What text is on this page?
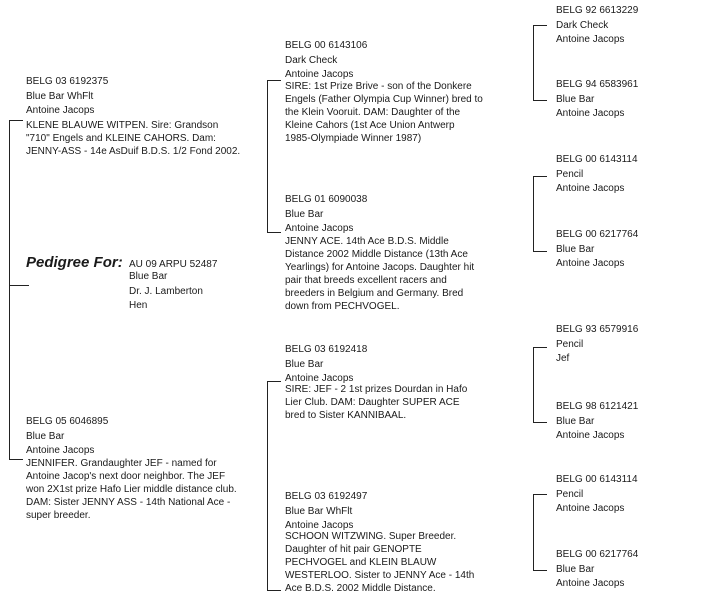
Pedigree For: AU 09 ARPU 52487
Blue Bar
Dr. J. Lamberton
Hen
BELG 03 6192375
Blue Bar WhFlt
Antoine Jacops
KLENE BLAUWE WITPEN. Sire: Grandson
"710" Engels and KLEINE CAHORS. Dam:
JENNY-ASS - 14e AsDuif B.D.S. 1/2 Fond 2002.
BELG 05 6046895
Blue Bar
Antoine Jacops
JENNIFER. Grandaughter JEF - named for
Antoine Jacop's next door neighbor. The JEF
won 2X1st prize Hafo Lier middle distance club.
DAM: Sister JENNY ASS - 14th National Ace -
super breeder.
BELG 00 6143106
Dark Check
Antoine Jacops
SIRE: 1st Prize Brive - son of the Donkere
Engels (Father Olympia Cup Winner) bred to
the Klein Vooruit. DAM: Daughter of the
Kleine Cahors (1st Ace Union Antwerp
1985-Olympiade Winner 1987)
BELG 01 6090038
Blue Bar
Antoine Jacops
JENNY ACE. 14th Ace B.D.S. Middle
Distance 2002 Middle Distance (13th Ace
Yearlings) for Antoine Jacops. Daughter hit
pair that breeds excellent racers and
breeders in Belgium and Germany. Bred
down from PECHVOGEL.
BELG 03 6192418
Blue Bar
Antoine Jacops
SIRE: JEF - 2 1st prizes Dourdan in Hafo
Lier Club. DAM: Daughter SUPER ACE
bred to Sister KANNIBAAL.
BELG 03 6192497
Blue Bar WhFlt
Antoine Jacops
SCHOON WITZWING. Super Breeder.
Daughter of hit pair GENOPTE
PECHVOGEL and KLEIN BLAUW
WESTERLOO. Sister to JENNY Ace - 14th
Ace B.D.S. 2002 Middle Distance.
BELG 92 6613229
Dark Check
Antoine Jacops
BELG 94 6583961
Blue Bar
Antoine Jacops
BELG 00 6143114
Pencil
Antoine Jacops
BELG 00 6217764
Blue Bar
Antoine Jacops
BELG 93 6579916
Pencil
Jef
BELG 98 6121421
Blue Bar
Antoine Jacops
BELG 00 6143114
Pencil
Antoine Jacops
BELG 00 6217764
Blue Bar
Antoine Jacops
